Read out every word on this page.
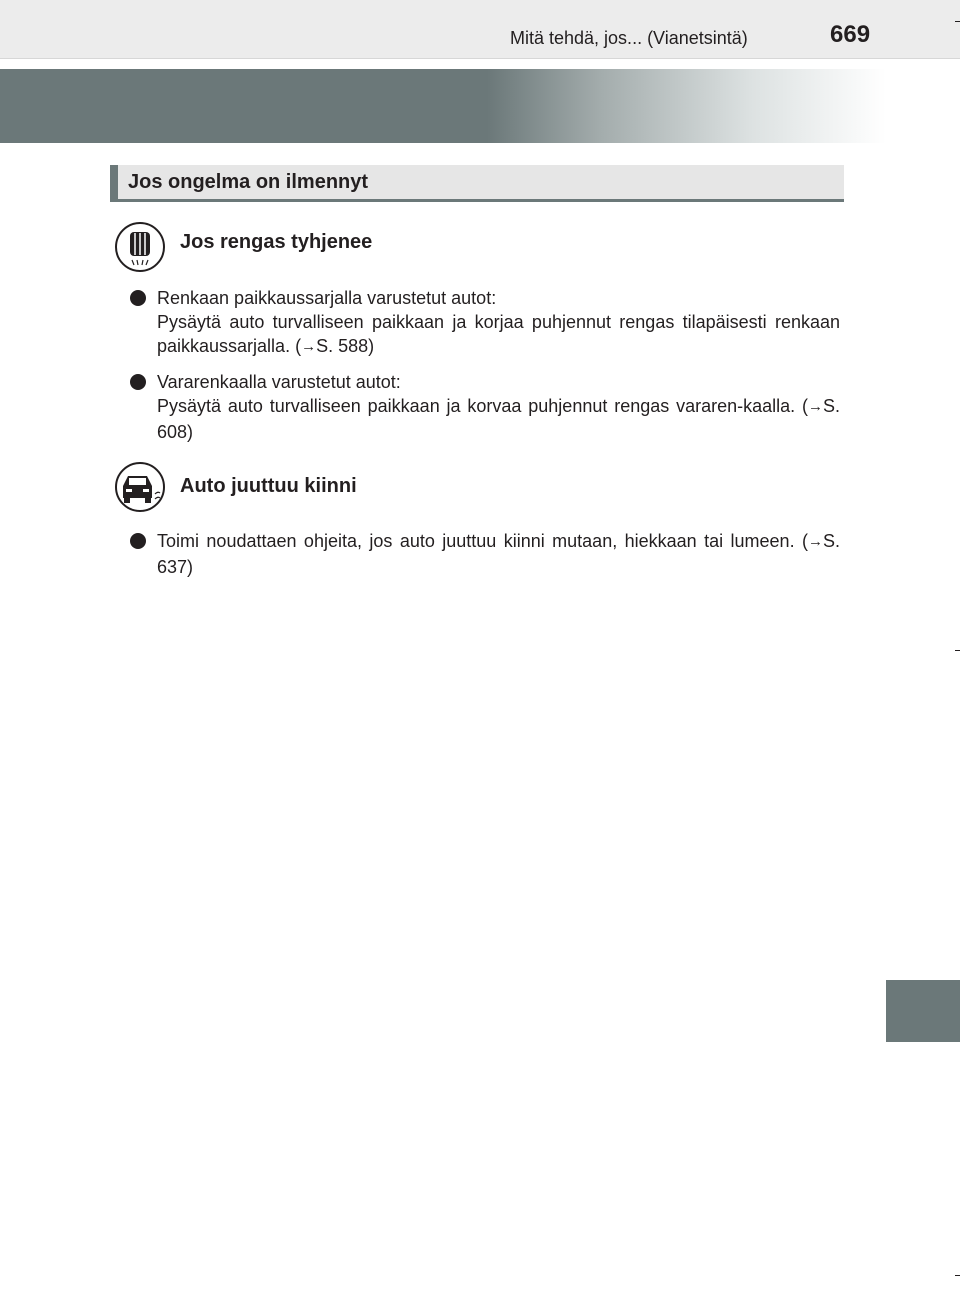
Mitä tehdä, jos... (Vianetsintä)	669
Jos ongelma on ilmennyt
Jos rengas tyhjenee

Renkaan paikkaussarjalla varustetut autot:

Pysäytä auto turvalliseen paikkaan ja korjaa puhjennut rengas tilapäisesti renkaan paikkaussarjalla. (→S. 588)

Vararenkaalla varustetut autot:

Pysäytä auto turvalliseen paikkaan ja korvaa puhjennut rengas vararen-kaalla. (→S. 608)

Auto juuttuu kiinni

Toimi noudattaen ohjeita, jos auto juuttuu kiinni mutaan, hiekkaan tai lumeen. (→S. 637)
